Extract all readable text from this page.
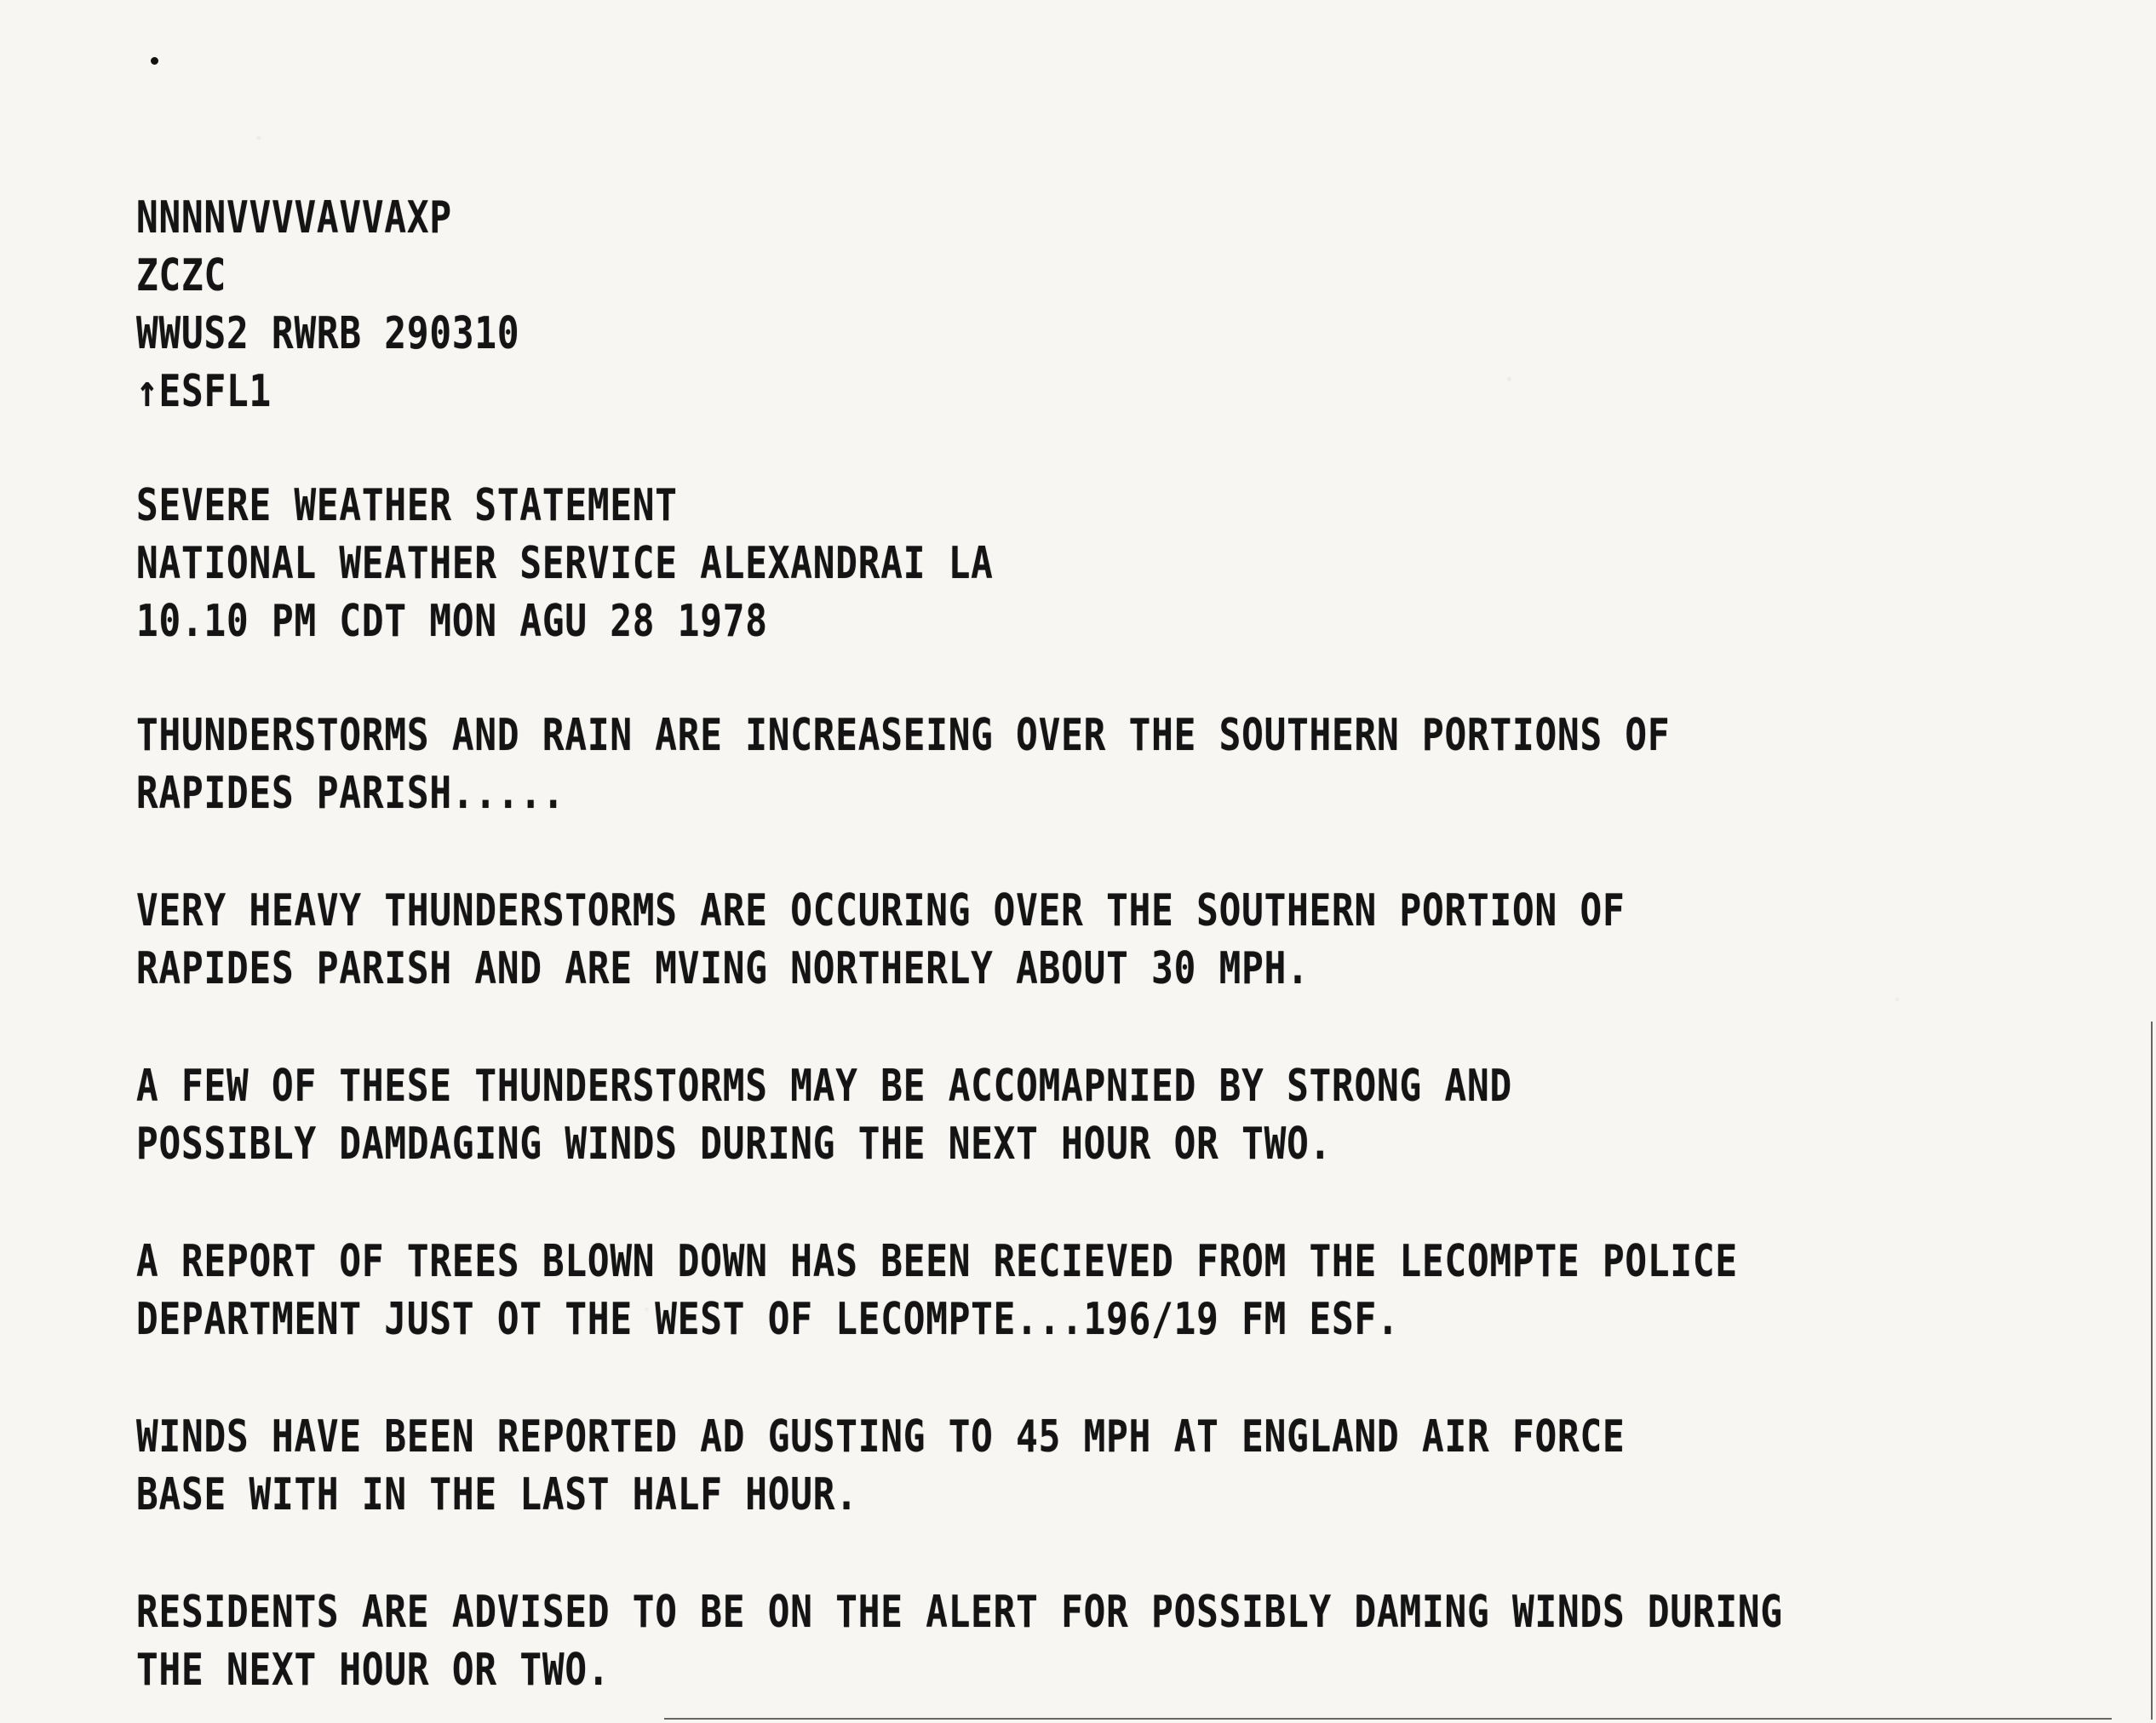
NNNNVVVVAVVAXP
ZCZC
WWUS2 RWRB 290310
↑ESFL1
SEVERE WEATHER STATEMENT
NATIONAL WEATHER SERVICE ALEXANDRAI LA
10.10 PM CDT MON AGU 28 1978
THUNDERSTORMS AND RAIN ARE INCREASEING OVER THE SOUTHERN PORTIONS OF
RAPIDES PARISH.....
VERY HEAVY THUNDERSTORMS ARE OCCURING OVER THE SOUTHERN PORTION OF
RAPIDES PARISH AND ARE MVING NORTHERLY ABOUT 30 MPH.
A FEW OF THESE THUNDERSTORMS MAY BE ACCOMAPNIED BY STRONG AND
POSSIBLY DAMDAGING WINDS DURING THE NEXT HOUR OR TWO.
A REPORT OF TREES BLOWN DOWN HAS BEEN RECIEVED FROM THE LECOMPTE POLICE
DEPARTMENT JUST OT THE WEST OF LECOMPTE...196/19 FM ESF.
WINDS HAVE BEEN REPORTED AD GUSTING TO 45 MPH AT ENGLAND AIR FORCE
BASE WITH IN THE LAST HALF HOUR.
RESIDENTS ARE ADVISED TO BE ON THE ALERT FOR POSSIBLY DAMING WINDS DURING
THE NEXT HOUR OR TWO.
